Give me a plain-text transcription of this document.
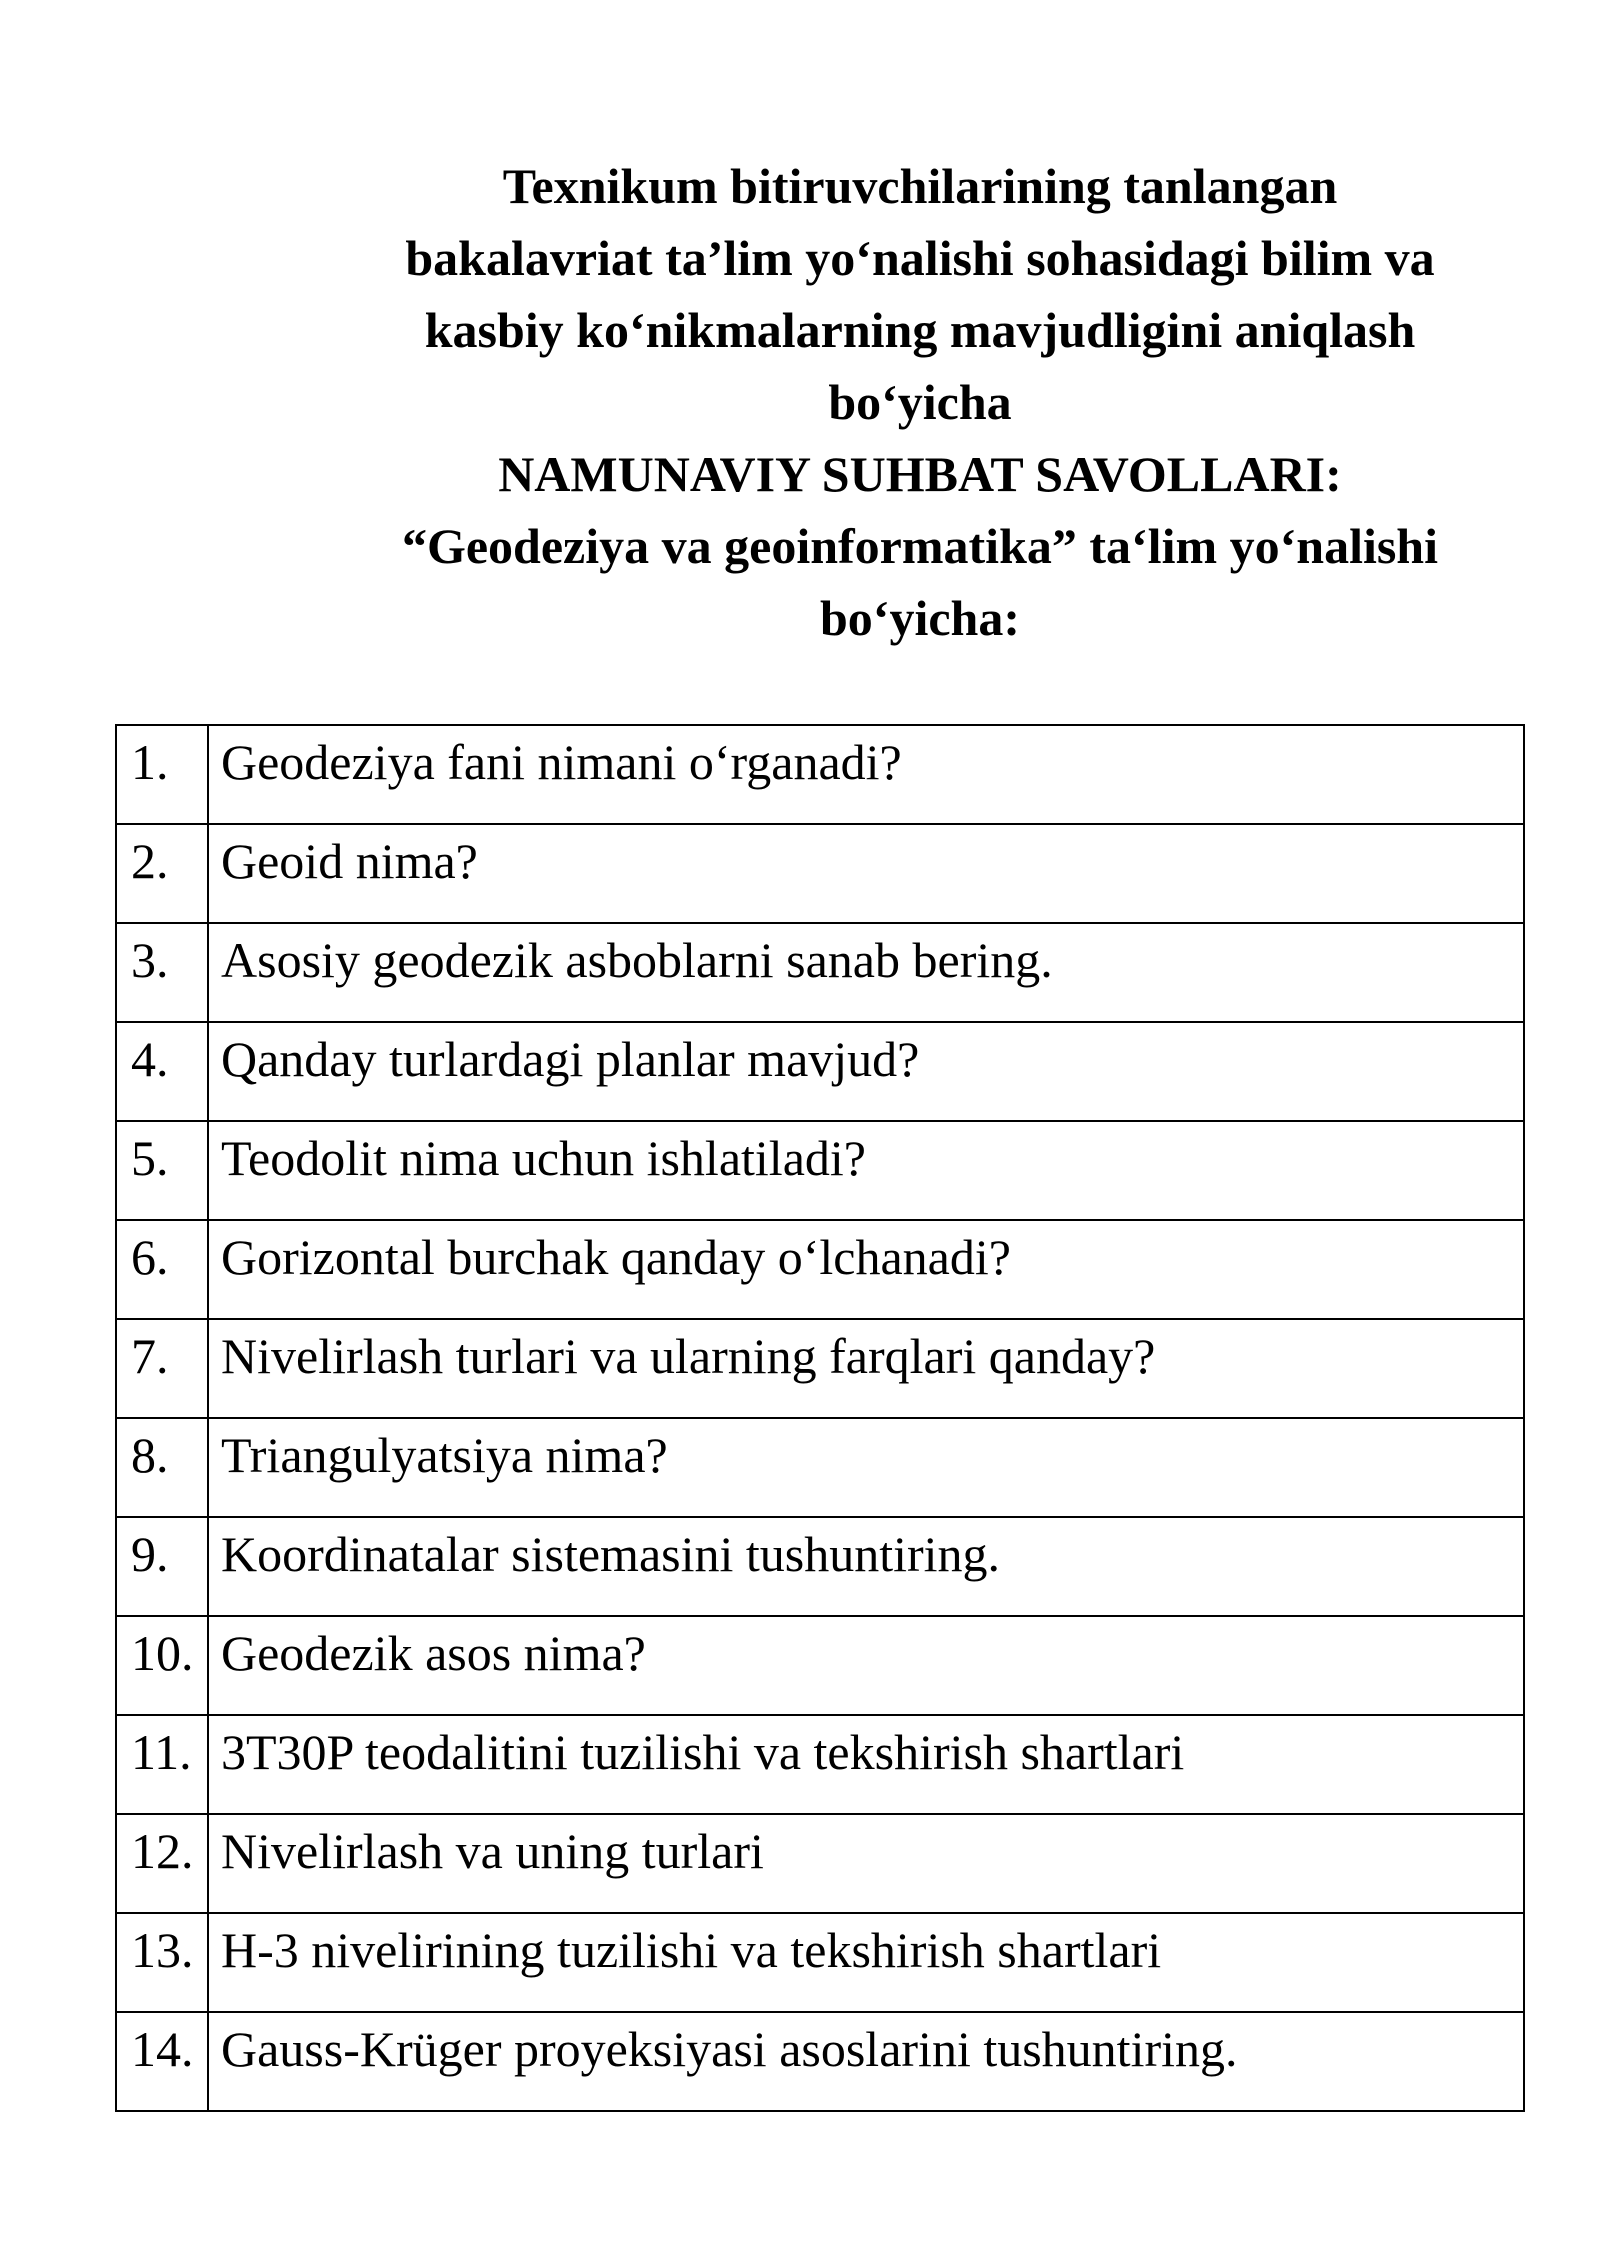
Texnikum bitiruvchilarining tanlangan
bakalavriat ta’lim yo‘nalishi sohasidagi bilim va
kasbiy ko‘nikmalarning mavjudligini aniqlash
bo‘yicha
NAMUNAVIY SUHBAT SAVOLLARI:
“Geodeziya va geoinformatika” ta‘lim yo‘nalishi
bo‘yicha:
1.	Geodeziya fani nimani o‘rganadi?
2.	Geoid nima?
3.	Asosiy geodezik asboblarni sanab bering.
4.	Qanday turlardagi planlar mavjud?
5.	Teodolit nima uchun ishlatiladi?
6.	Gorizontal burchak qanday o‘lchanadi?
7.	Nivelirlash turlari va ularning farqlari qanday?
8.	Triangulyatsiya nima?
9.	Koordinatalar sistemasini tushuntiring.
10.	Geodezik asos nima?
11.	3T30P teodalitini tuzilishi va tekshirish shartlari
12.	Nivelirlash va uning turlari
13.	H-3 nivelirining tuzilishi va tekshirish shartlari
14.	Gauss-Krüger proyeksiyasi asoslarini tushuntiring.
